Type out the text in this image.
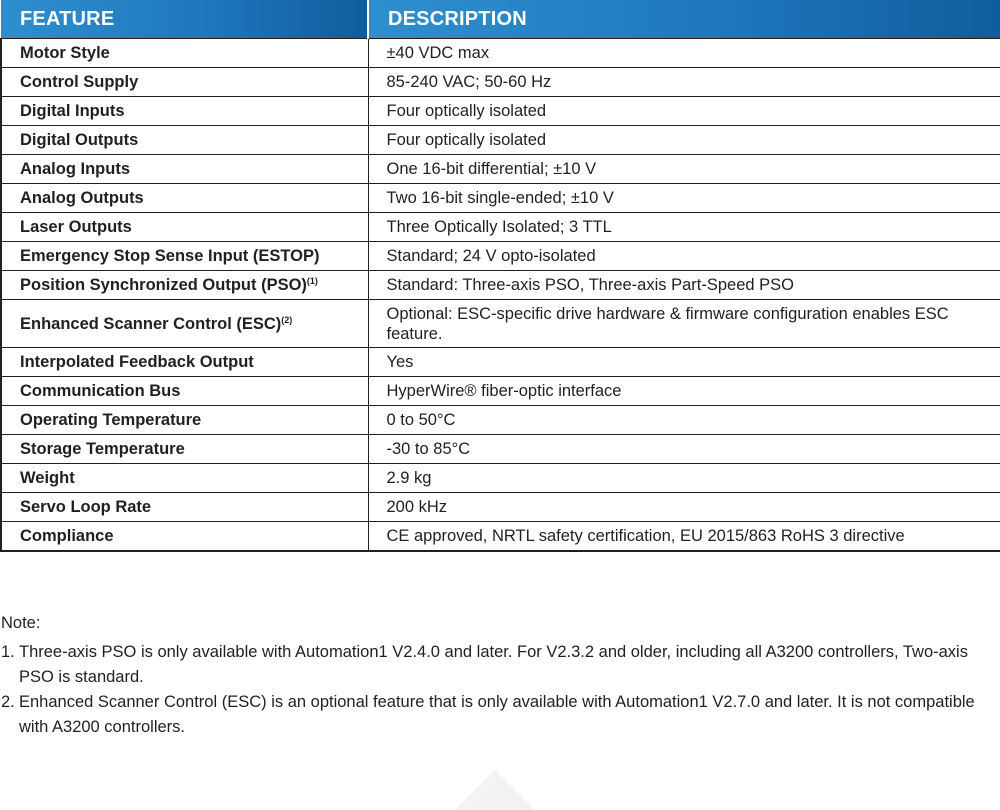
FEATURE	DESCRIPTION
Motor Style	±40 VDC max
Control Supply	85-240 VAC; 50-60 Hz
Digital Inputs	Four optically isolated
Digital Outputs	Four optically isolated
Analog Inputs	One 16-bit differential; ±10 V
Analog Outputs	Two 16-bit single-ended; ±10 V
Laser Outputs	Three Optically Isolated; 3 TTL
Emergency Stop Sense Input (ESTOP)	Standard; 24 V opto-isolated
Position Synchronized Output (PSO)$^{(1)}$	Standard: Three-axis PSO, Three-axis Part-Speed PSO
Enhanced Scanner Control (ESC)$^{(2)}$	Optional: ESC-specific drive hardware & firmware configuration enables ESC feature.
Interpolated Feedback Output	Yes
Communication Bus	HyperWire® fiber-optic interface
Operating Temperature	0 to 50°C
Storage Temperature	-30 to 85°C
Weight	2.9 kg
Servo Loop Rate	200 kHz
Compliance	CE approved, NRTL safety certification, EU 2015/863 RoHS 3 directive
Note:
1. Three-axis PSO is only available with Automation1 V2.4.0 and later. For V2.3.2 and older, including all A3200 controllers, Two-axis PSO is standard.
2. Enhanced Scanner Control (ESC) is an optional feature that is only available with Automation1 V2.7.0 and later. It is not compatible with A3200 controllers.
